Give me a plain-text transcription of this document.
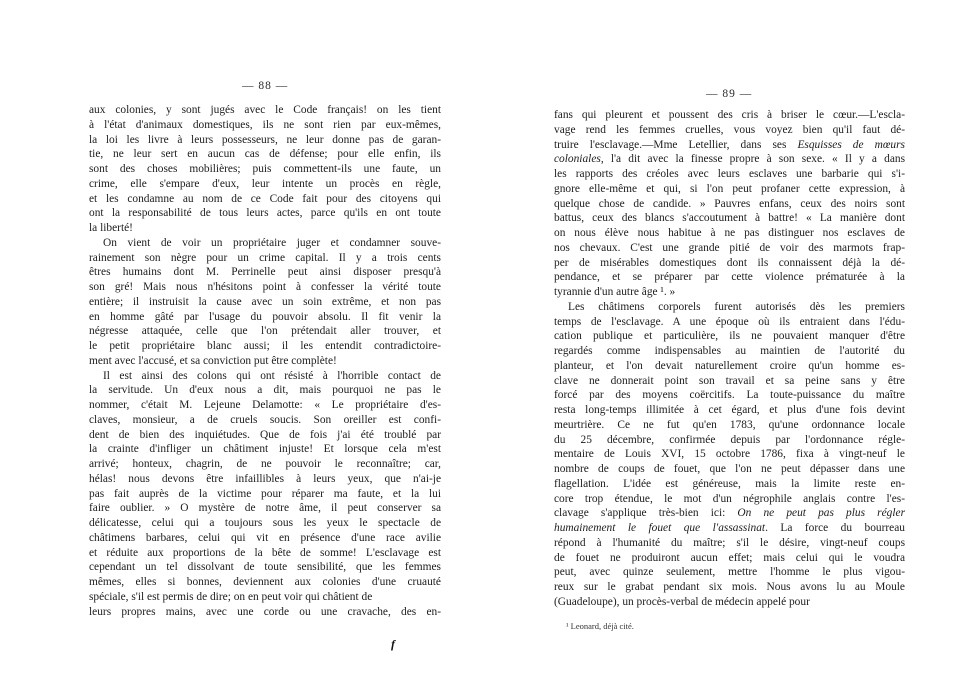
— 88 —
aux colonies, y sont jugés avec le Code français! on les tient
à l'état d'animaux domestiques, ils ne sont rien par eux-mêmes,
la loi les livre à leurs possesseurs, ne leur donne pas de garan-
tie, ne leur sert en aucun cas de défense; pour elle enfin, ils
sont des choses mobilières; puis commettent-ils une faute, un
crime, elle s'empare d'eux, leur intente un procès en règle,
et les condamne au nom de ce Code fait pour des citoyens qui
ont la responsabilité de tous leurs actes, parce qu'ils en ont toute
la liberté!
On vient de voir un propriétaire juger et condamner souve-
rainement son nègre pour un crime capital. Il y a trois cents
êtres humains dont M. Perrinelle peut ainsi disposer presqu'à
son gré! Mais nous n'hésitons point à confesser la vérité toute
entière; il instruisit la cause avec un soin extrême, et non pas
en homme gâté par l'usage du pouvoir absolu. Il fit venir la
négresse attaquée, celle que l'on prétendait aller trouver, et
le petit propriétaire blanc aussi; il les entendit contradictoire-
ment avec l'accusé, et sa conviction put être complète!
Il est ainsi des colons qui ont résisté à l'horrible contact de
la servitude. Un d'eux nous a dit, mais pourquoi ne pas le
nommer, c'était M. Lejeune Delamotte: « Le propriétaire d'es-
claves, monsieur, a de cruels soucis. Son oreiller est confi-
dent de bien des inquiétudes. Que de fois j'ai été troublé par
la crainte d'infliger un châtiment injuste! Et lorsque cela m'est
arrivé; honteux, chagrin, de ne pouvoir le reconnaître; car,
hélas! nous devons être infaillibles à leurs yeux, que n'ai-je
pas fait auprès de la victime pour réparer ma faute, et la lui
faire oublier. » O mystère de notre âme, il peut conserver sa
délicatesse, celui qui a toujours sous les yeux le spectacle de
châtimens barbares, celui qui vit en présence d'une race avilie
et réduite aux proportions de la bête de somme! L'esclavage est
cependant un tel dissolvant de toute sensibilité, que les femmes
mêmes, elles si bonnes, deviennent aux colonies d'une cruauté
spéciale, s'il est permis de dire; on en peut voir qui châtient de
leurs propres mains, avec une corde ou une cravache, des en-
f
— 89 —
fans qui pleurent et poussent des cris à briser le cœur.—L'escla-
vage rend les femmes cruelles, vous voyez bien qu'il faut dé-
truire l'esclavage.—Mme Letellier, dans ses Esquisses de mœurs
coloniales, l'a dit avec la finesse propre à son sexe. « Il y a dans
les rapports des créoles avec leurs esclaves une barbarie qui s'i-
gnore elle-même et qui, si l'on peut profaner cette expression, à
quelque chose de candide. » Pauvres enfans, ceux des noirs sont
battus, ceux des blancs s'accoutument à battre! « La manière dont
on nous élève nous habitue à ne pas distinguer nos esclaves de
nos chevaux. C'est une grande pitié de voir des marmots frap-
per de misérables domestiques dont ils connaissent déjà la dé-
pendance, et se préparer par cette violence prématurée à la
tyrannie d'un autre âge ¹. »
Les châtimens corporels furent autorisés dès les premiers
temps de l'esclavage. A une époque où ils entraient dans l'édu-
cation publique et particulière, ils ne pouvaient manquer d'être
regardés comme indispensables au maintien de l'autorité du
planteur, et l'on devait naturellement croire qu'un homme es-
clave ne donnerait point son travail et sa peine sans y être
forcé par des moyens coërcitifs. La toute-puissance du maître
resta long-temps illimitée à cet égard, et plus d'une fois devint
meurtrière. Ce ne fut qu'en 1783, qu'une ordonnance locale
du 25 décembre, confirmée depuis par l'ordonnance régle-
mentaire de Louis XVI, 15 octobre 1786, fixa à vingt-neuf le
nombre de coups de fouet, que l'on ne peut dépasser dans une
flagellation. L'idée est généreuse, mais la limite reste en-
core trop étendue, le mot d'un négrophile anglais contre l'es-
clavage s'applique très-bien ici: On ne peut pas plus régler
humainement le fouet que l'assassinat. La force du bourreau
répond à l'humanité du maître; s'il le désire, vingt-neuf coups
de fouet ne produiront aucun effet; mais celui qui le voudra
peut, avec quinze seulement, mettre l'homme le plus vigou-
reux sur le grabat pendant six mois. Nous avons lu au Moule
(Guadeloupe), un procès-verbal de médecin appelé pour
¹ Leonard, déjà cité.
